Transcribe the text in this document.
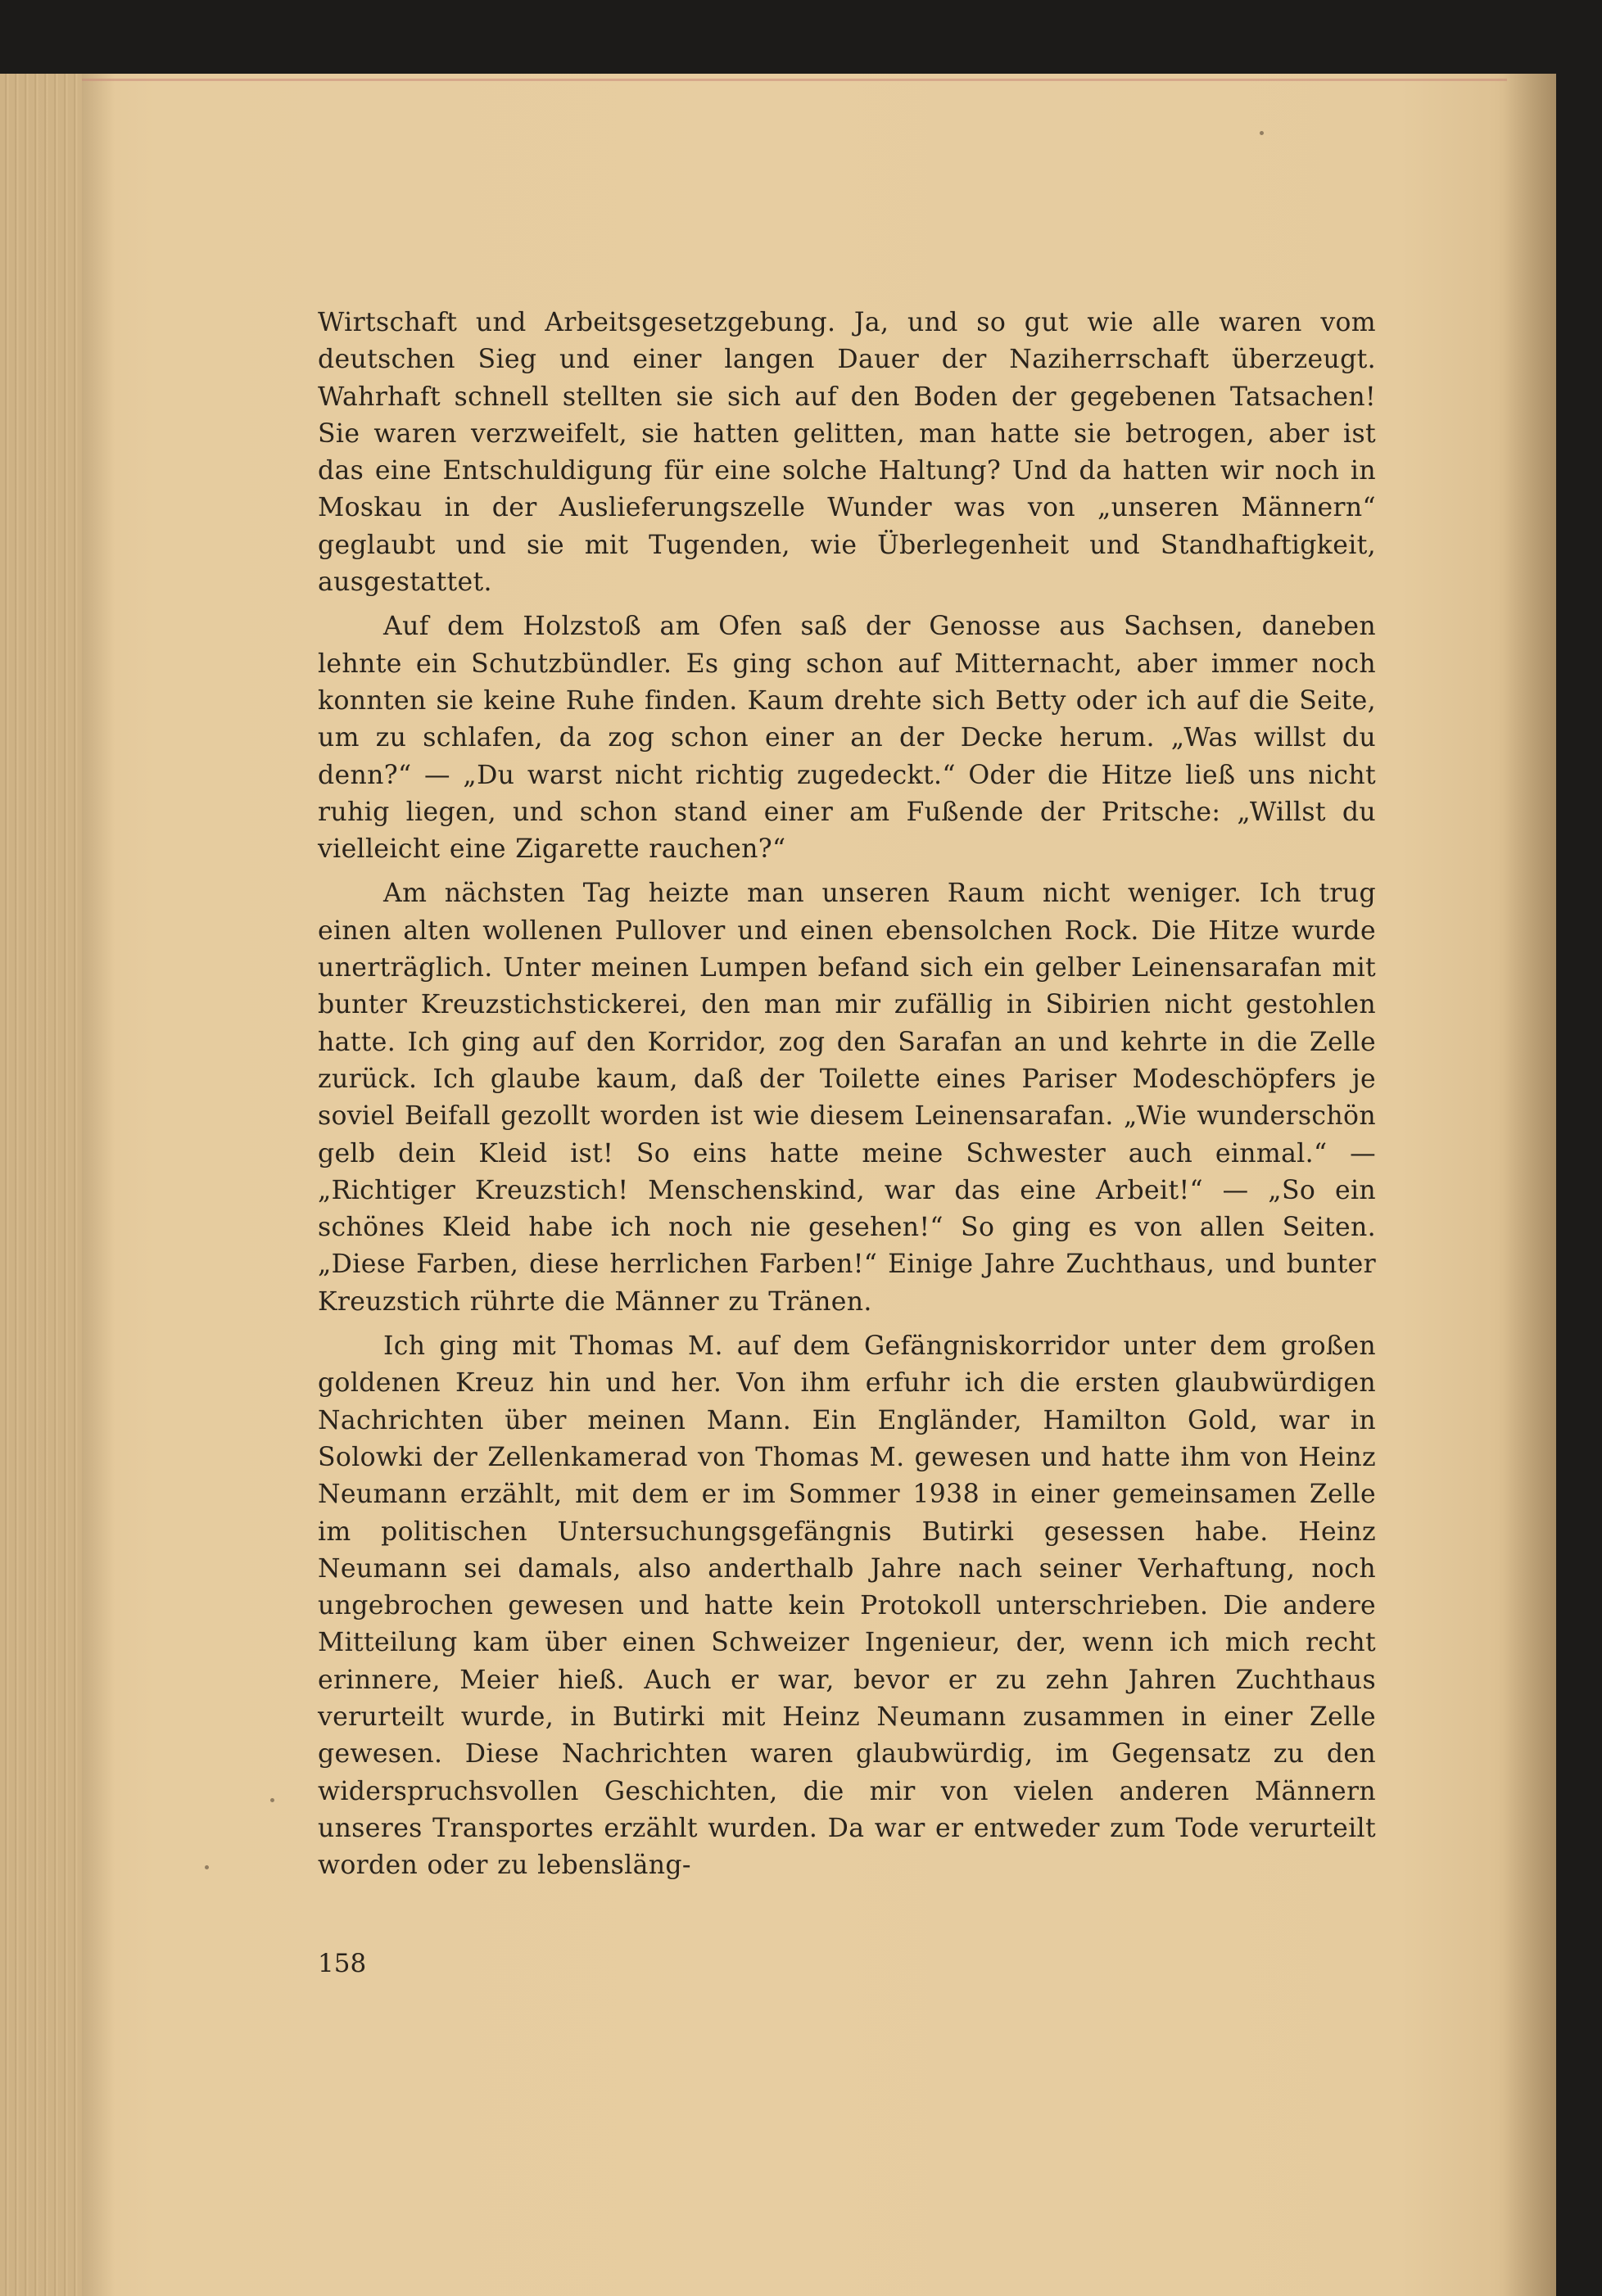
Wirtschaft und Arbeitsgesetzgebung. Ja, und so gut wie alle waren vom deutschen Sieg und einer langen Dauer der Naziherrschaft überzeugt. Wahrhaft schnell stellten sie sich auf den Boden der gegebenen Tatsachen! Sie waren verzweifelt, sie hatten gelitten, man hatte sie betrogen, aber ist das eine Entschuldigung für eine solche Haltung? Und da hatten wir noch in Moskau in der Auslieferungszelle Wunder was von „unseren Männern“ geglaubt und sie mit Tugenden, wie Überlegenheit und Standhaftigkeit, ausgestattet.

Auf dem Holzstoß am Ofen saß der Genosse aus Sachsen, daneben lehnte ein Schutzbündler. Es ging schon auf Mitternacht, aber immer noch konnten sie keine Ruhe finden. Kaum drehte sich Betty oder ich auf die Seite, um zu schlafen, da zog schon einer an der Decke herum. „Was willst du denn?“ — „Du warst nicht richtig zugedeckt.“ Oder die Hitze ließ uns nicht ruhig liegen, und schon stand einer am Fußende der Pritsche: „Willst du vielleicht eine Zigarette rauchen?“

Am nächsten Tag heizte man unseren Raum nicht weniger. Ich trug einen alten wollenen Pullover und einen ebensolchen Rock. Die Hitze wurde unerträglich. Unter meinen Lumpen befand sich ein gelber Leinensarafan mit bunter Kreuzstichstickerei, den man mir zufällig in Sibirien nicht gestohlen hatte. Ich ging auf den Korridor, zog den Sarafan an und kehrte in die Zelle zurück. Ich glaube kaum, daß der Toilette eines Pariser Modeschöpfers je soviel Beifall gezollt worden ist wie diesem Leinensarafan. „Wie wunderschön gelb dein Kleid ist! So eins hatte meine Schwester auch einmal.“ — „Richtiger Kreuzstich! Menschenskind, war das eine Arbeit!“ — „So ein schönes Kleid habe ich noch nie gesehen!“ So ging es von allen Seiten. „Diese Farben, diese herrlichen Farben!“ Einige Jahre Zuchthaus, und bunter Kreuzstich rührte die Männer zu Tränen.

Ich ging mit Thomas M. auf dem Gefängniskorridor unter dem großen goldenen Kreuz hin und her. Von ihm erfuhr ich die ersten glaubwürdigen Nachrichten über meinen Mann. Ein Engländer, Hamilton Gold, war in Solowki der Zellenkamerad von Thomas M. gewesen und hatte ihm von Heinz Neumann erzählt, mit dem er im Sommer 1938 in einer gemeinsamen Zelle im politischen Untersuchungsgefängnis Butirki gesessen habe. Heinz Neumann sei damals, also anderthalb Jahre nach seiner Verhaftung, noch ungebrochen gewesen und hatte kein Protokoll unterschrieben. Die andere Mitteilung kam über einen Schweizer Ingenieur, der, wenn ich mich recht erinnere, Meier hieß. Auch er war, bevor er zu zehn Jahren Zuchthaus verurteilt wurde, in Butirki mit Heinz Neumann zusammen in einer Zelle gewesen. Diese Nachrichten waren glaubwürdig, im Gegensatz zu den widerspruchsvollen Geschichten, die mir von vielen anderen Männern unseres Transportes erzählt wurden. Da war er entweder zum Tode verurteilt worden oder zu lebensläng-

158
